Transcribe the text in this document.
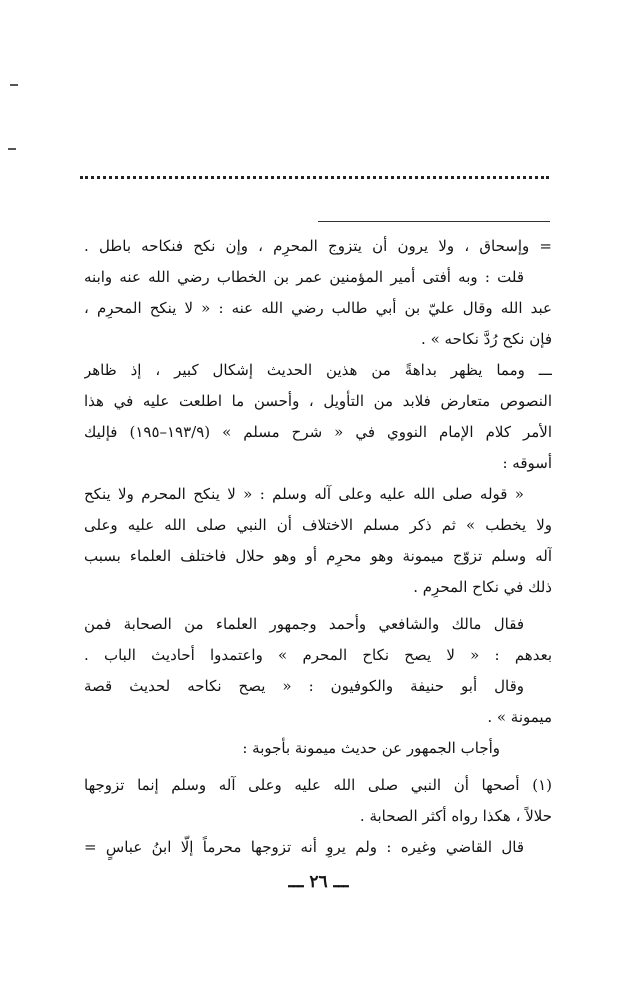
= وإسحاق ، ولا يرون أن يتزوج المحرِم ، وإن نكح فنكاحه باطل .
قلت : وبه أفتى أمير المؤمنين عمر بن الخطاب رضي الله عنه وابنه
عبد الله وقال عليّ بن أبي طالب رضي الله عنه : « لا ينكح المحرِم ،
فإن نكح رُدَّ نكاحه » .
ـــ ومما يظهر بداهةً من هذين الحديث إشكال كبير ، إذ ظاهر
النصوص متعارض فلابد من التأويل ، وأحسن ما اطلعت عليه في هذا
الأمر كلام الإمام النووي في « شرح مسلم » (١٩٣/٩–١٩٥) فإليك
أسوقه :
« قوله صلى الله عليه وعلى آله وسلم : « لا ينكح المحرم ولا ينكح
ولا يخطب » ثم ذكر مسلم الاختلاف أن النبي صلى الله عليه وعلى
آله وسلم تزوّج ميمونة وهو محرِم أو وهو حلال فاختلف العلماء بسبب
ذلك في نكاح المحرِم .
فقال مالك والشافعي وأحمد وجمهور العلماء من الصحابة فمن
بعدهم : « لا يصح نكاح المحرم » واعتمدوا أحاديث الباب .
وقال أبو حنيفة والكوفيون : « يصح نكاحه لحديث قصة
ميمونة » .
وأجاب الجمهور عن حديث ميمونة بأجوبة :
(١) أصحها أن النبي صلى الله عليه وعلى آله وسلم إنما تزوجها
حلالاً ، هكذا رواه أكثر الصحابة .
قال القاضي وغيره : ولم يروِ أنه تزوجها محرماً إلّا ابنُ عباسٍ =
ـــ ٢٦ ـــ
